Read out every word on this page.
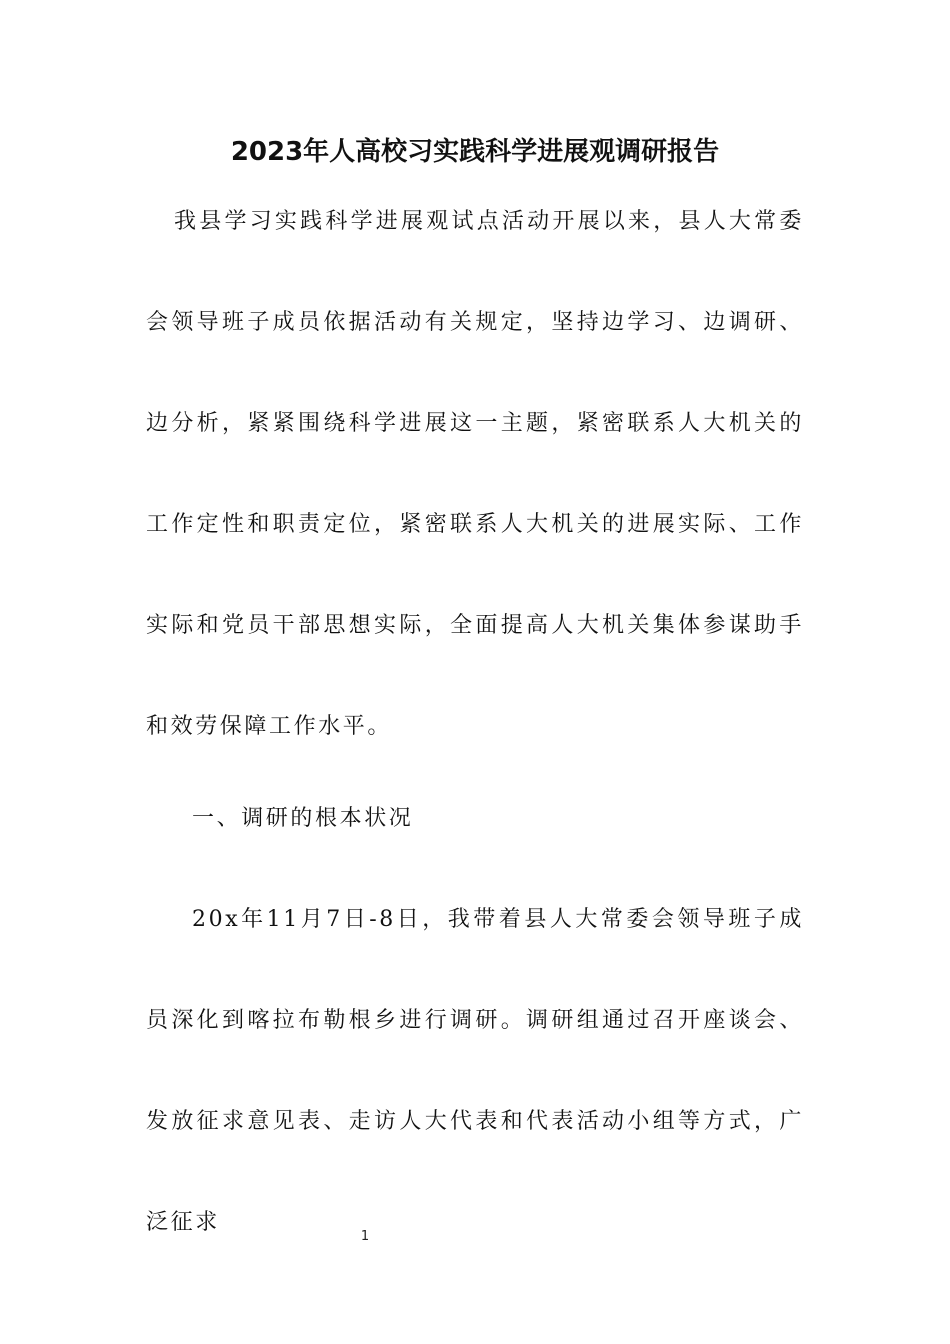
2023年人高校习实践科学进展观调研报告

我县学习实践科学进展观试点活动开展以来，县人大常委会领导班子成员依据活动有关规定，坚持边学习、边调研、边分析，紧紧围绕科学进展这一主题，紧密联系人大机关的工作定性和职责定位，紧密联系人大机关的进展实际、工作实际和党员干部思想实际，全面提高人大机关集体参谋助手和效劳保障工作水平。

一、调研的根本状况

20x年11月7日-8日，我带着县人大常委会领导班子成员深化到喀拉布勒根乡进行调研。调研组通过召开座谈会、发放征求意见表、走访人大代表和代表活动小组等方式，广泛征求

1
